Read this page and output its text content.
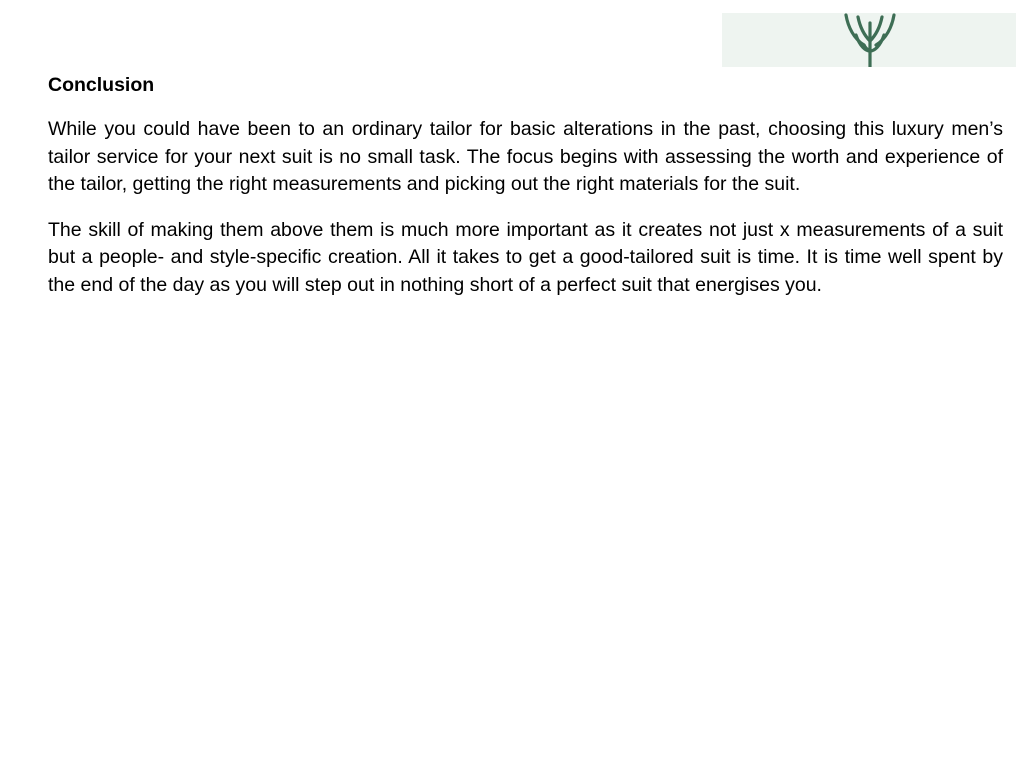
Conclusion

While you could have been to an ordinary tailor for basic alterations in the past, choosing this luxury men’s tailor service for your next suit is no small task. The focus begins with assessing the worth and experience of the tailor, getting the right measurements and picking out the right materials for the suit.

The skill of making them above them is much more important as it creates not just x measurements of a suit but a people- and style-specific creation. All it takes to get a good-tailored suit is time. It is time well spent by the end of the day as you will step out in nothing short of a perfect suit that energises you.
